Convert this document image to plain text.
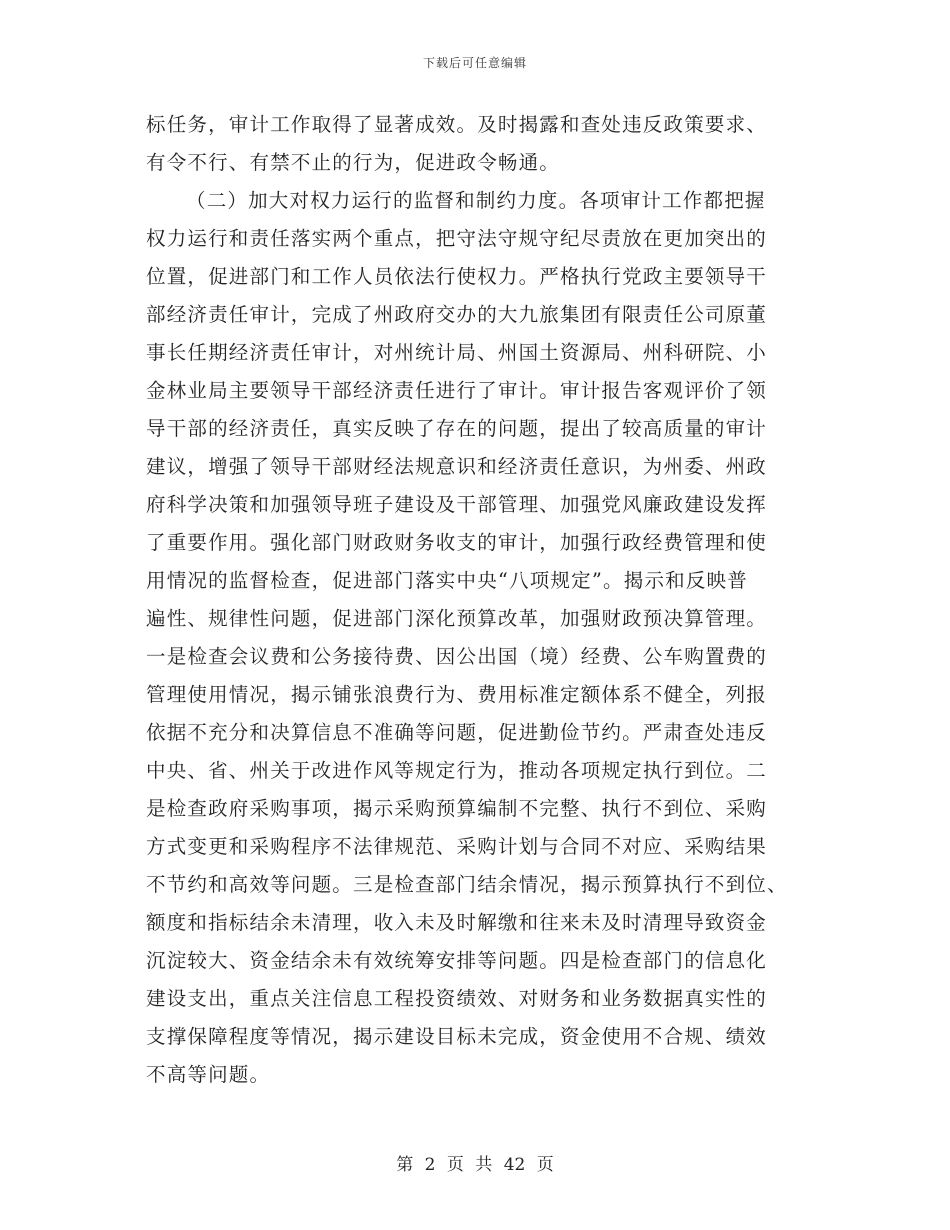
下载后可任意编辑
标任务，审计工作取得了显著成效。及时揭露和查处违反政策要求、
有令不行、有禁不止的行为，促进政令畅通。
（二）加大对权力运行的监督和制约力度。各项审计工作都把握
权力运行和责任落实两个重点，把守法守规守纪尽责放在更加突出的
位置，促进部门和工作人员依法行使权力。严格执行党政主要领导干
部经济责任审计，完成了州政府交办的大九旅集团有限责任公司原董
事长任期经济责任审计，对州统计局、州国土资源局、州科研院、小
金林业局主要领导干部经济责任进行了审计。审计报告客观评价了领
导干部的经济责任，真实反映了存在的问题，提出了较高质量的审计
建议，增强了领导干部财经法规意识和经济责任意识，为州委、州政
府科学决策和加强领导班子建设及干部管理、加强党风廉政建设发挥
了重要作用。强化部门财政财务收支的审计，加强行政经费管理和使
用情况的监督检查，促进部门落实中央“八项规定”。揭示和反映普
遍性、规律性问题，促进部门深化预算改革，加强财政预决算管理。
一是检查会议费和公务接待费、因公出国（境）经费、公车购置费的
管理使用情况，揭示铺张浪费行为、费用标准定额体系不健全，列报
依据不充分和决算信息不准确等问题，促进勤俭节约。严肃查处违反
中央、省、州关于改进作风等规定行为，推动各项规定执行到位。二
是检查政府采购事项，揭示采购预算编制不完整、执行不到位、采购
方式变更和采购程序不法律规范、采购计划与合同不对应、采购结果
不节约和高效等问题。三是检查部门结余情况，揭示预算执行不到位、
额度和指标结余未清理，收入未及时解缴和往来未及时清理导致资金
沉淀较大、资金结余未有效统筹安排等问题。四是检查部门的信息化
建设支出，重点关注信息工程投资绩效、对财务和业务数据真实性的
支撑保障程度等情况，揭示建设目标未完成，资金使用不合规、绩效
不高等问题。
第 2 页 共 42 页
